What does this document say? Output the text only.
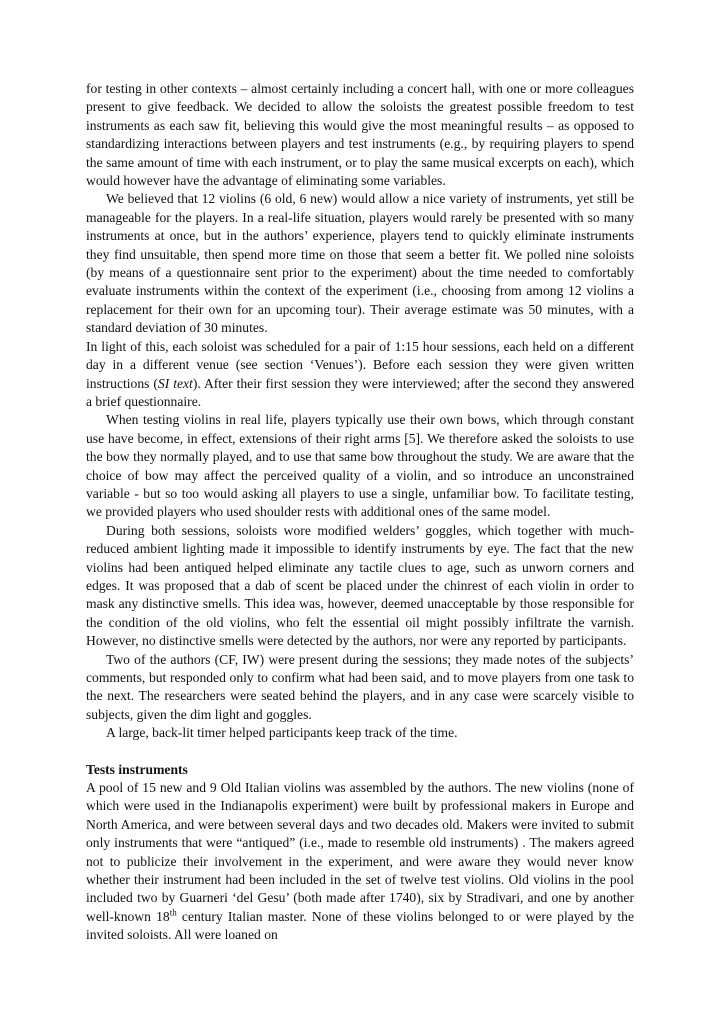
for testing in other contexts – almost certainly including a concert hall, with one or more colleagues present to give feedback. We decided to allow the soloists the greatest possible freedom to test instruments as each saw fit, believing this would give the most meaningful results – as opposed to standardizing interactions between players and test instruments (e.g., by requiring players to spend the same amount of time with each instrument, or to play the same musical excerpts on each), which would however have the advantage of eliminating some variables.

We believed that 12 violins (6 old, 6 new) would allow a nice variety of instruments, yet still be manageable for the players. In a real-life situation, players would rarely be presented with so many instruments at once, but in the authors’ experience, players tend to quickly eliminate instruments they find unsuitable, then spend more time on those that seem a better fit. We polled nine soloists (by means of a questionnaire sent prior to the experiment) about the time needed to comfortably evaluate instruments within the context of the experiment (i.e., choosing from among 12 violins a replacement for their own for an upcoming tour). Their average estimate was 50 minutes, with a standard deviation of 30 minutes.

In light of this, each soloist was scheduled for a pair of 1:15 hour sessions, each held on a different day in a different venue (see section ‘Venues’). Before each session they were given written instructions (SI text). After their first session they were interviewed; after the second they answered a brief questionnaire.

When testing violins in real life, players typically use their own bows, which through constant use have become, in effect, extensions of their right arms [5]. We therefore asked the soloists to use the bow they normally played, and to use that same bow throughout the study. We are aware that the choice of bow may affect the perceived quality of a violin, and so introduce an unconstrained variable - but so too would asking all players to use a single, unfamiliar bow. To facilitate testing, we provided players who used shoulder rests with additional ones of the same model.

During both sessions, soloists wore modified welders’ goggles, which together with much-reduced ambient lighting made it impossible to identify instruments by eye. The fact that the new violins had been antiqued helped eliminate any tactile clues to age, such as unworn corners and edges. It was proposed that a dab of scent be placed under the chinrest of each violin in order to mask any distinctive smells. This idea was, however, deemed unacceptable by those responsible for the condition of the old violins, who felt the essential oil might possibly infiltrate the varnish. However, no distinctive smells were detected by the authors, nor were any reported by participants.

Two of the authors (CF, IW) were present during the sessions; they made notes of the subjects’ comments, but responded only to confirm what had been said, and to move players from one task to the next. The researchers were seated behind the players, and in any case were scarcely visible to subjects, given the dim light and goggles.

A large, back-lit timer helped participants keep track of the time.

Tests instruments

A pool of 15 new and 9 Old Italian violins was assembled by the authors. The new violins (none of which were used in the Indianapolis experiment) were built by professional makers in Europe and North America, and were between several days and two decades old. Makers were invited to submit only instruments that were “antiqued” (i.e., made to resemble old instruments) . The makers agreed not to publicize their involvement in the experiment, and were aware they would never know whether their instrument had been included in the set of twelve test violins. Old violins in the pool included two by Guarneri ‘del Gesu’ (both made after 1740), six by Stradivari, and one by another well-known 18th century Italian master. None of these violins belonged to or were played by the invited soloists. All were loaned on
